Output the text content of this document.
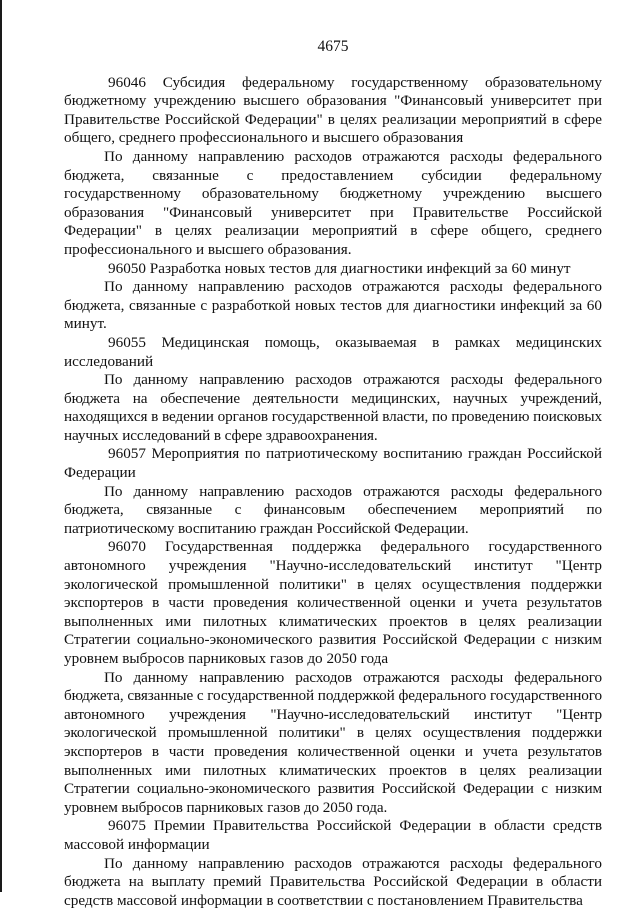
4675

96046 Субсидия федеральному государственному образовательному бюджетному учреждению высшего образования "Финансовый университет при Правительстве Российской Федерации" в целях реализации мероприятий в сфере общего, среднего профессионального и высшего образования

По данному направлению расходов отражаются расходы федерального бюджета, связанные с предоставлением субсидии федеральному государственному образовательному бюджетному учреждению высшего образования "Финансовый университет при Правительстве Российской Федерации" в целях реализации мероприятий в сфере общего, среднего профессионального и высшего образования.

96050 Разработка новых тестов для диагностики инфекций за 60 минут

По данному направлению расходов отражаются расходы федерального бюджета, связанные с разработкой новых тестов для диагностики инфекций за 60 минут.

96055 Медицинская помощь, оказываемая в рамках медицинских исследований

По данному направлению расходов отражаются расходы федерального бюджета на обеспечение деятельности медицинских, научных учреждений, находящихся в ведении органов государственной власти, по проведению поисковых научных исследований в сфере здравоохранения.

96057 Мероприятия по патриотическому воспитанию граждан Российской Федерации

По данному направлению расходов отражаются расходы федерального бюджета, связанные с финансовым обеспечением мероприятий по патриотическому воспитанию граждан Российской Федерации.

96070 Государственная поддержка федерального государственного автономного учреждения "Научно-исследовательский институт "Центр экологической промышленной политики" в целях осуществления поддержки экспортеров в части проведения количественной оценки и учета результатов выполненных ими пилотных климатических проектов в целях реализации Стратегии социально-экономического развития Российской Федерации с низким уровнем выбросов парниковых газов до 2050 года

По данному направлению расходов отражаются расходы федерального бюджета, связанные с государственной поддержкой федерального государственного автономного учреждения "Научно-исследовательский институт "Центр экологической промышленной политики" в целях осуществления поддержки экспортеров в части проведения количественной оценки и учета результатов выполненных ими пилотных климатических проектов в целях реализации Стратегии социально-экономического развития Российской Федерации с низким уровнем выбросов парниковых газов до 2050 года.

96075 Премии Правительства Российской Федерации в области средств массовой информации

По данному направлению расходов отражаются расходы федерального бюджета на выплату премий Правительства Российской Федерации в области средств массовой информации в соответствии с постановлением Правительства
